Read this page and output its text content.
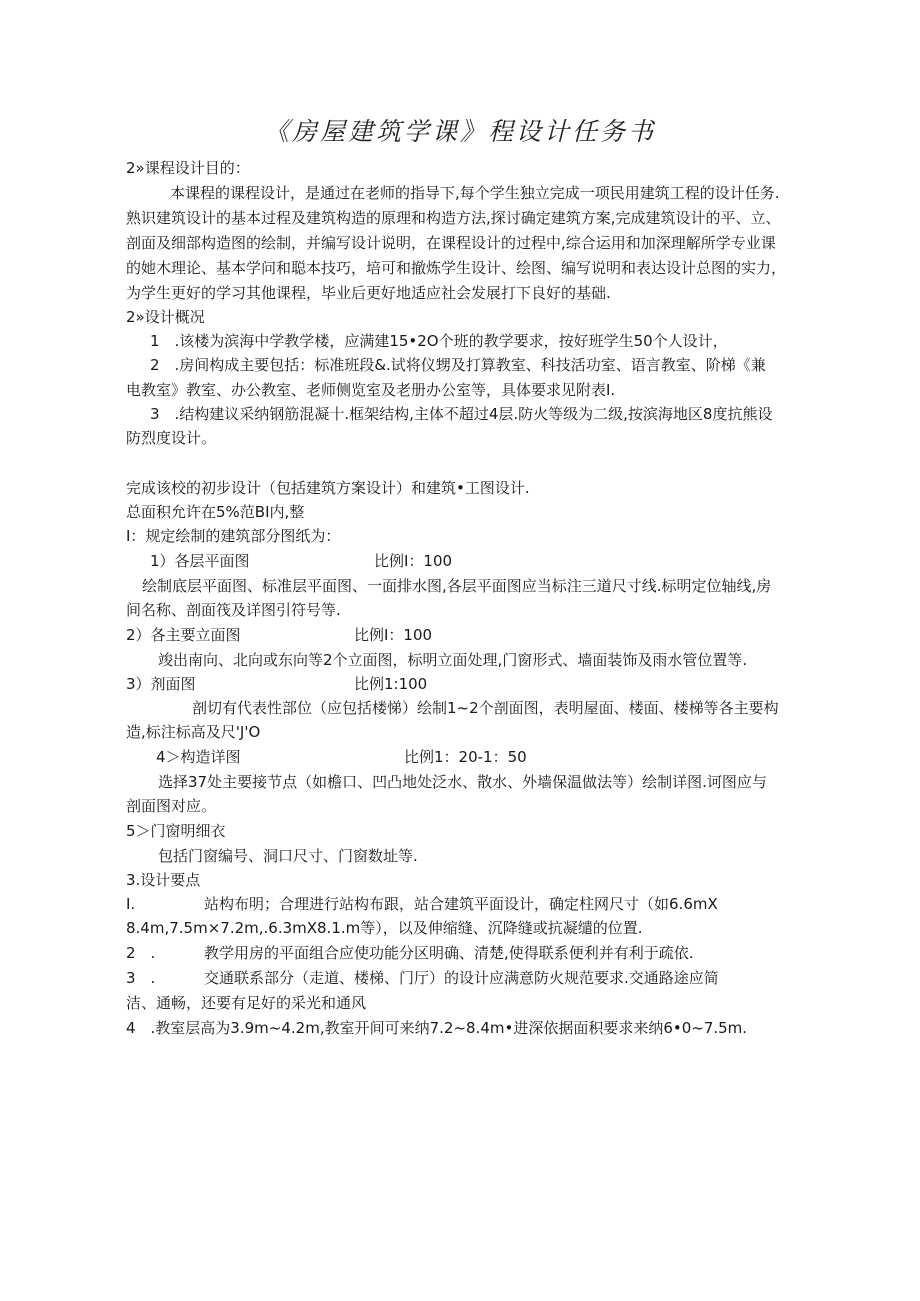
《房屋建筑学课》程设计任务书
2»课程设计目的：
本课程的课程设计，是通过在老师的指导下,每个学生独立完成一项民用建筑工程的设计任务.
熟识建筑设计的基本过程及建筑构造的原理和构造方法,探讨确定建筑方案,完成建筑设计的平、立、
剖面及细部构造图的绘制，并编写设计说明，在课程设计的过程中,综合运用和加深理解所学专业课
的她木理论、基本学问和聪本技巧，培可和撤炼学生设计、绘图、编写说明和表达设计总图的实力，
为学生更好的学习其他课程，毕业后更好地适应社会发展打下良好的基础.
2»设计概况
1　.该楼为滨海中学教学楼，应满建15•2O个班的教学要求，按好班学生50个人设计，
2　.房间构成主要包括：标准班段&.试将仪甥及打算教室、科技活功室、语言教室、阶梯《兼
电教室》教室、办公教室、老师侧览室及老册办公室等，具体要求见附表I.
3　.结构建议采纳钢筋混凝十.框架结构,主体不超过4层.防火等级为二级,按滨海地区8度抗熊设
防烈度设计。
完成该校的初步设计（包括建筑方案设计）和建筑•工图设计.
总面积允许在5%范BI内,整
I：规定绘制的建筑部分图纸为：
1）各层平面图	比例I：100
绘制底层平面图、标准层平面图、一面排水图,各层平面图应当标注三道尺寸线.标明定位轴线,房
间名称、剖面筏及详图引符号等.
2）各主要立面图	比例I：100
竣出南向、北向或东向等2个立面图，标明立面处理,门窗形式、墙面装饰及雨水管位置等.
3）剂面图	比例1:100
剖切有代表性部位（应包括楼悌）绘制1~2个剖面图，表明屋面、楼面、楼梯等各主要构
造,标注标高及尺'J'O
4＞构造详图	比例1：20-1：50
选择37处主要接节点（如檐口、凹凸地处泛水、散水、外墙保温做法等）绘制详图.诃图应与
剖面图对应。
5＞门窗明细衣
包括门窗编号、洞口尺寸、门窗数址等.
3.设计要点
I.	站构布明；合理进行站构布跟，站合建筑平面设计，确定柱网尺寸（如6.6mX
8.4m,7.5m×7.2m,.6.3mX8.1.m等），以及伸缩缝、沉降缝或抗凝缱的位置.
2　.	教学用房的平面组合应使功能分区明确、清楚,使得联系便利并有利于疏依.
3　.	交通联系部分（走道、楼梯、门厅）的设计应满意防火规范要求.交通路途应简
洁、通畅，还要有足好的采光和通风
4　.教室层高为3.9m~4.2m,教室开间可来纳7.2~8.4m•进深依据面积要求来纳6•0~7.5m.
